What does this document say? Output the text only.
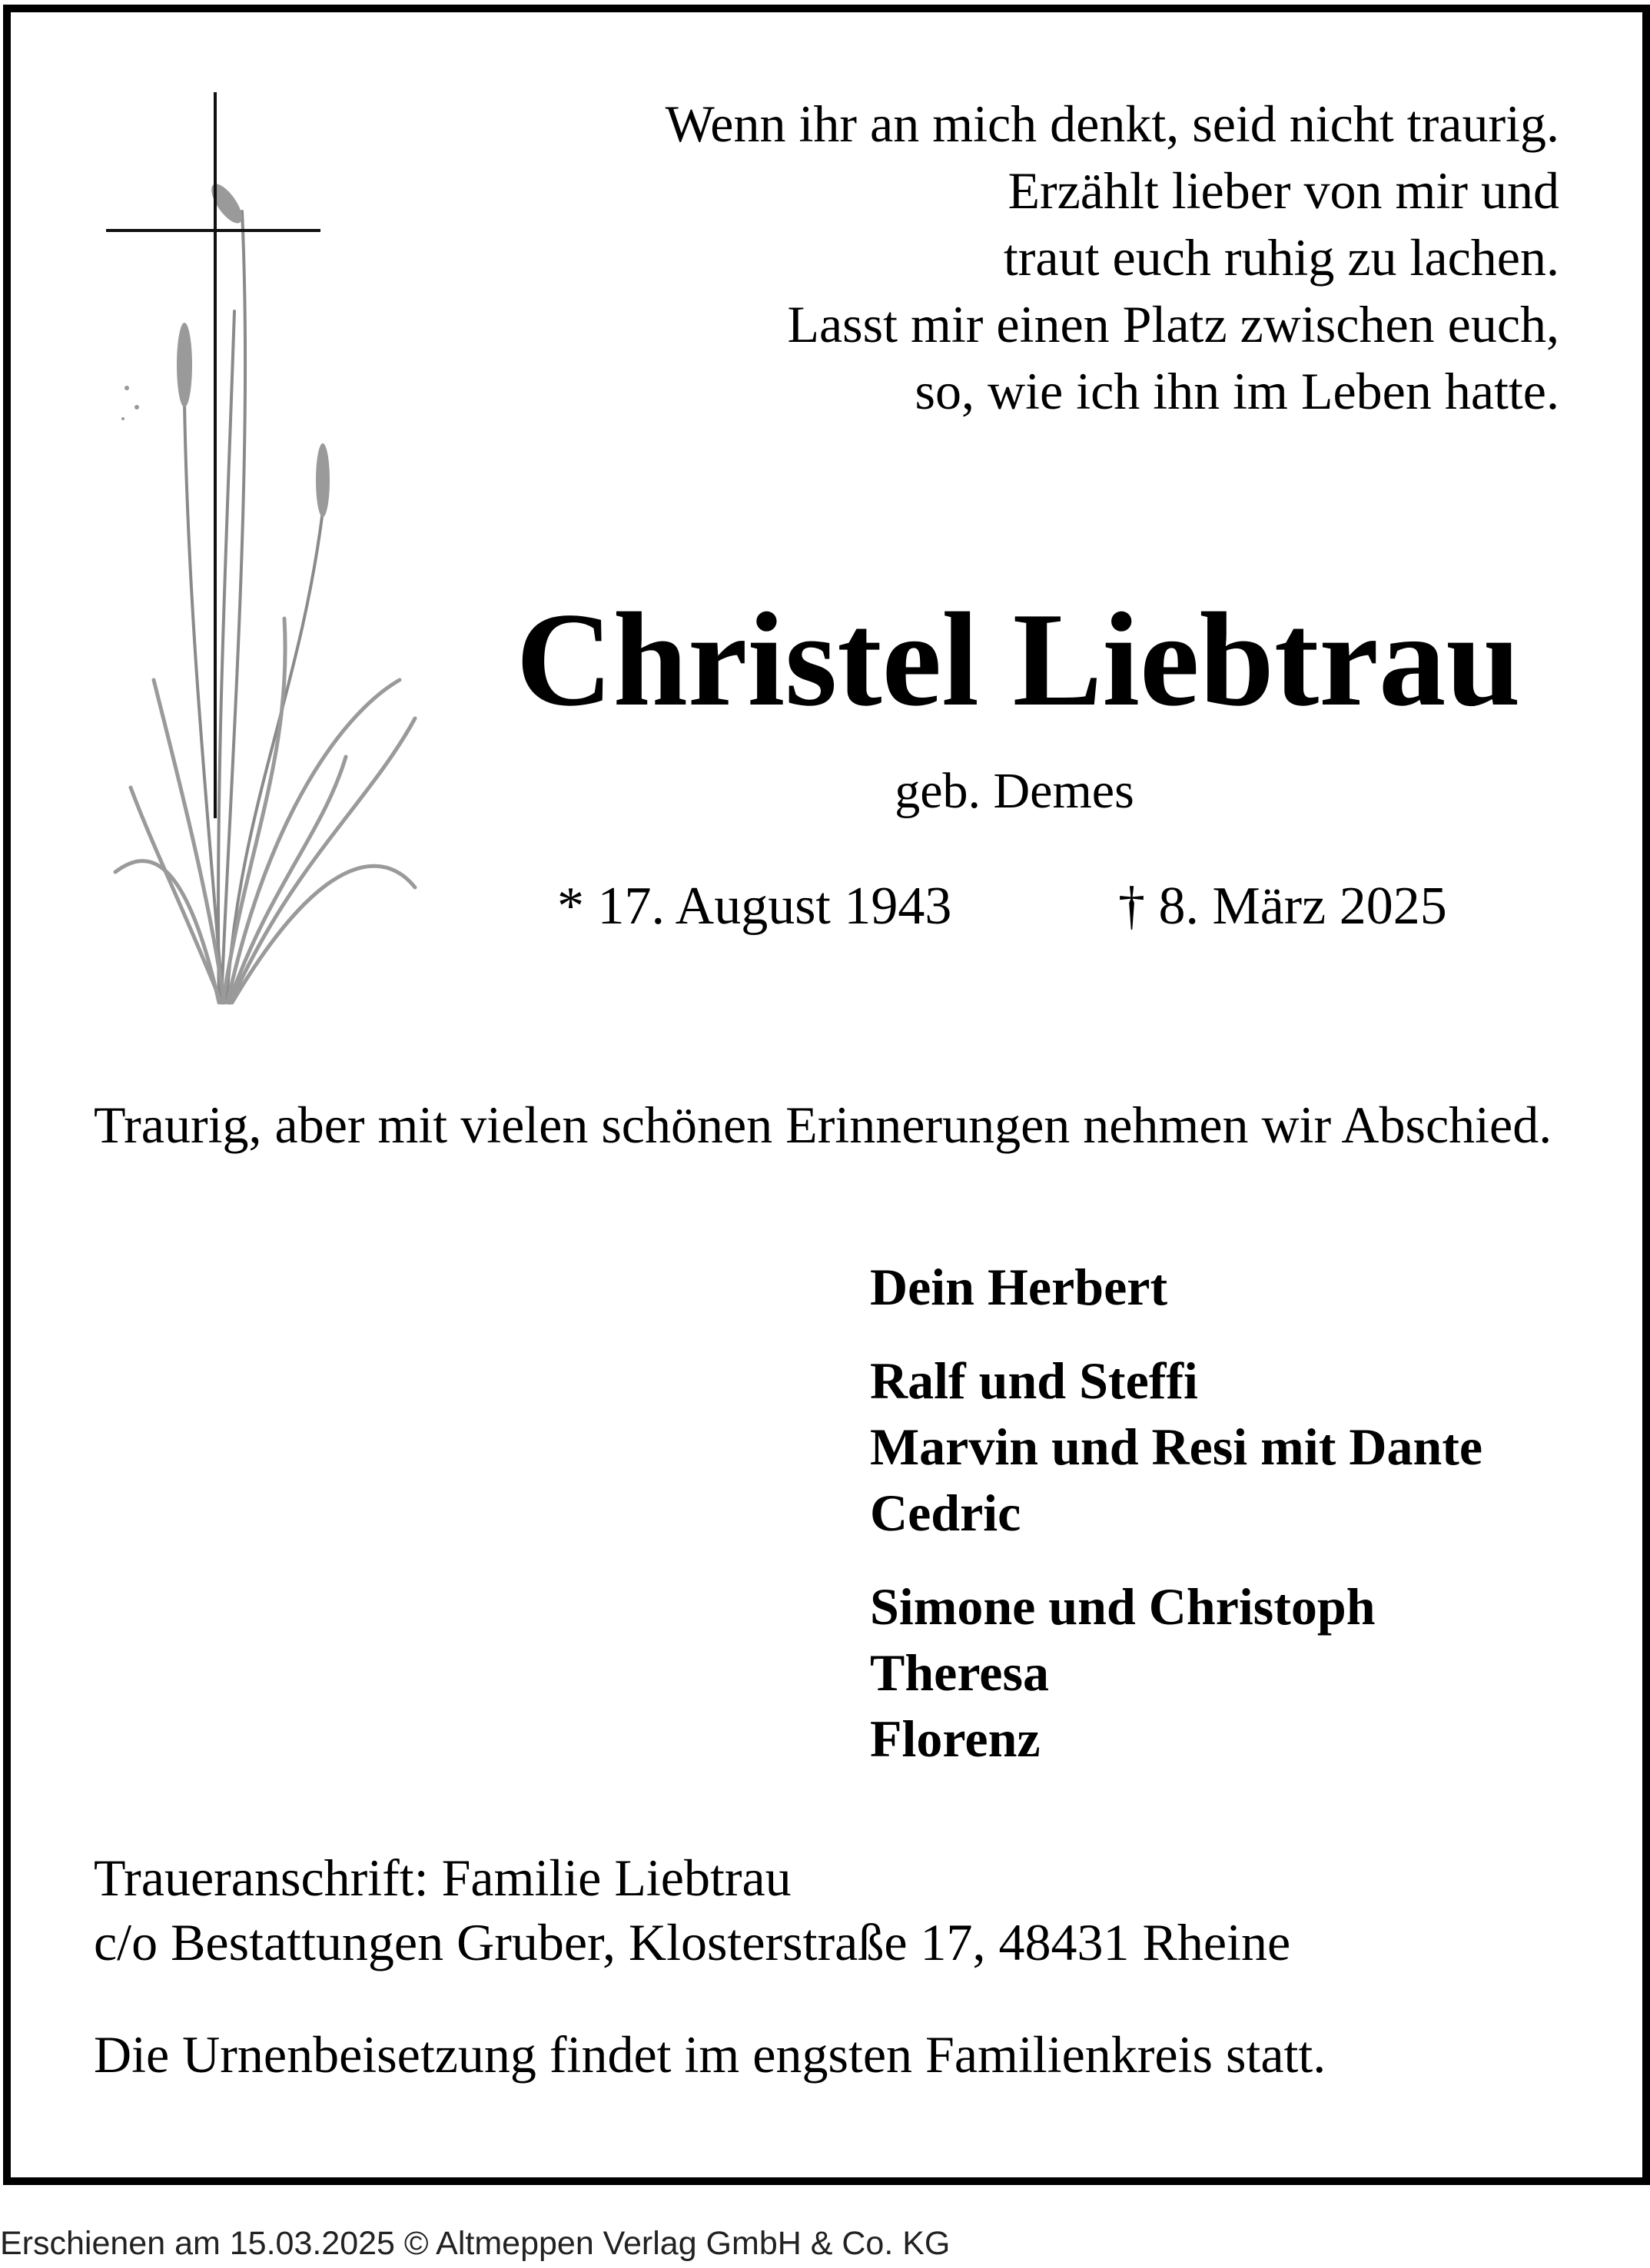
Wenn ihr an mich denkt, seid nicht traurig.
Erzählt lieber von mir und
traut euch ruhig zu lachen.
Lasst mir einen Platz zwischen euch,
so, wie ich ihn im Leben hatte.
Christel Liebtrau
geb. Demes
* 17. August 1943	† 8. März 2025
Traurig, aber mit vielen schönen Erinnerungen nehmen wir Abschied.
Dein Herbert
Ralf und Steffi
Marvin und Resi mit Dante
Cedric
Simone und Christoph
Theresa
Florenz
Traueranschrift: Familie Liebtrau
c/o Bestattungen Gruber, Klosterstraße 17, 48431 Rheine
Die Urnenbeisetzung findet im engsten Familienkreis statt.
Erschienen am 15.03.2025 © Altmeppen Verlag GmbH & Co. KG
